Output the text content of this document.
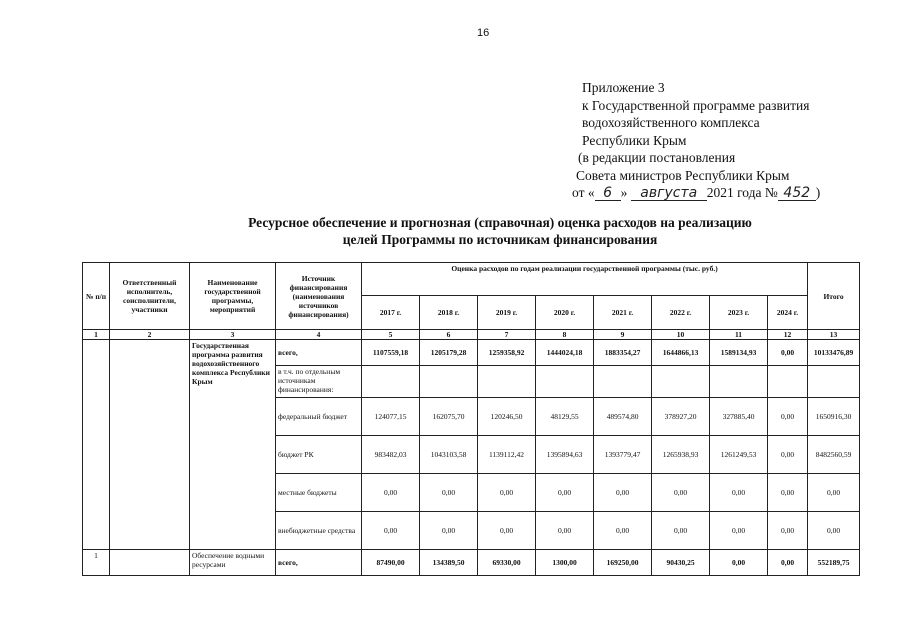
16
Приложение 3
к Государственной программе развития
водохозяйственного комплекса
Республики Крым
(в редакции постановления
Совета министров Республики Крым
от « 6 » августа 2021 года № 452 )
Ресурсное обеспечение и прогнозная (справочная) оценка расходов на реализацию
целей Программы по источникам финансирования
№ п/п	Ответственный исполнитель, соисполнители, участники	Наименование государственной программы, мероприятий	Источник финансирования (наименования источников финансирования)	Оценка расходов по годам реализации государственной программы (тыс. руб.)								Итого
				2017 г.	2018 г.	2019 г.	2020 г.	2021 г.	2022 г.	2023 г.	2024 г.	
1	2	3	4	5	6	7	8	9	10	11	12	13
		Государственная программа развития водохозяйственного комплекса Республики Крым	всего,	1107559,18	1205179,28	1259358,92	1444024,18	1883354,27	1644866,13	1589134,93	0,00	10133476,89
			в т.ч. по отдельным источникам финансирования:									
			федеральный бюджет	124077,15	162075,70	120246,50	48129,55	489574,80	378927,20	327885,40	0,00	1650916,30
			бюджет РК	983482,03	1043103,58	1139112,42	1395894,63	1393779,47	1265938,93	1261249,53	0,00	8482560,59
			местные бюджеты	0,00	0,00	0,00	0,00	0,00	0,00	0,00	0,00	0,00
			внебюджетные средства	0,00	0,00	0,00	0,00	0,00	0,00	0,00	0,00	0,00
1		Обеспечение водными ресурсами	всего,	87490,00	134389,50	69330,00	1300,00	169250,00	90430,25	0,00	0,00	552189,75
